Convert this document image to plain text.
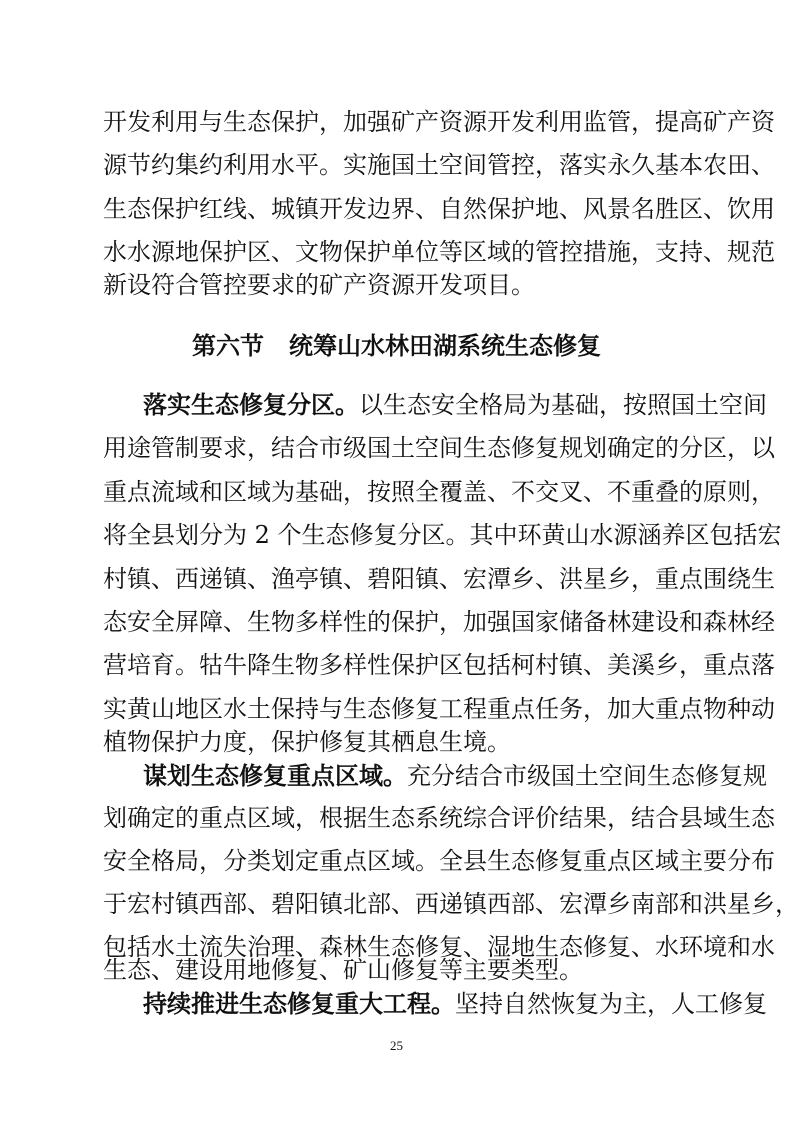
开发利用与生态保护，加强矿产资源开发利用监管，提高矿产资
源节约集约利用水平。实施国土空间管控，落实永久基本农田、
生态保护红线、城镇开发边界、自然保护地、风景名胜区、饮用
水水源地保护区、文物保护单位等区域的管控措施，支持、规范
新设符合管控要求的矿产资源开发项目。
第六节   统筹山水林田湖系统生态修复
落实生态修复分区。以生态安全格局为基础，按照国土空间
用途管制要求，结合市级国土空间生态修复规划确定的分区，以
重点流域和区域为基础，按照全覆盖、不交叉、不重叠的原则，
将全县划分为 2 个生态修复分区。其中环黄山水源涵养区包括宏
村镇、西递镇、渔亭镇、碧阳镇、宏潭乡、洪星乡，重点围绕生
态安全屏障、生物多样性的保护，加强国家储备林建设和森林经
营培育。牯牛降生物多样性保护区包括柯村镇、美溪乡，重点落
实黄山地区水土保持与生态修复工程重点任务，加大重点物种动
植物保护力度，保护修复其栖息生境。
谋划生态修复重点区域。充分结合市级国土空间生态修复规
划确定的重点区域，根据生态系统综合评价结果，结合县域生态
安全格局，分类划定重点区域。全县生态修复重点区域主要分布
于宏村镇西部、碧阳镇北部、西递镇西部、宏潭乡南部和洪星乡，
包括水土流失治理、森林生态修复、湿地生态修复、水环境和水
生态、建设用地修复、矿山修复等主要类型。
持续推进生态修复重大工程。坚持自然恢复为主，人工修复
25
